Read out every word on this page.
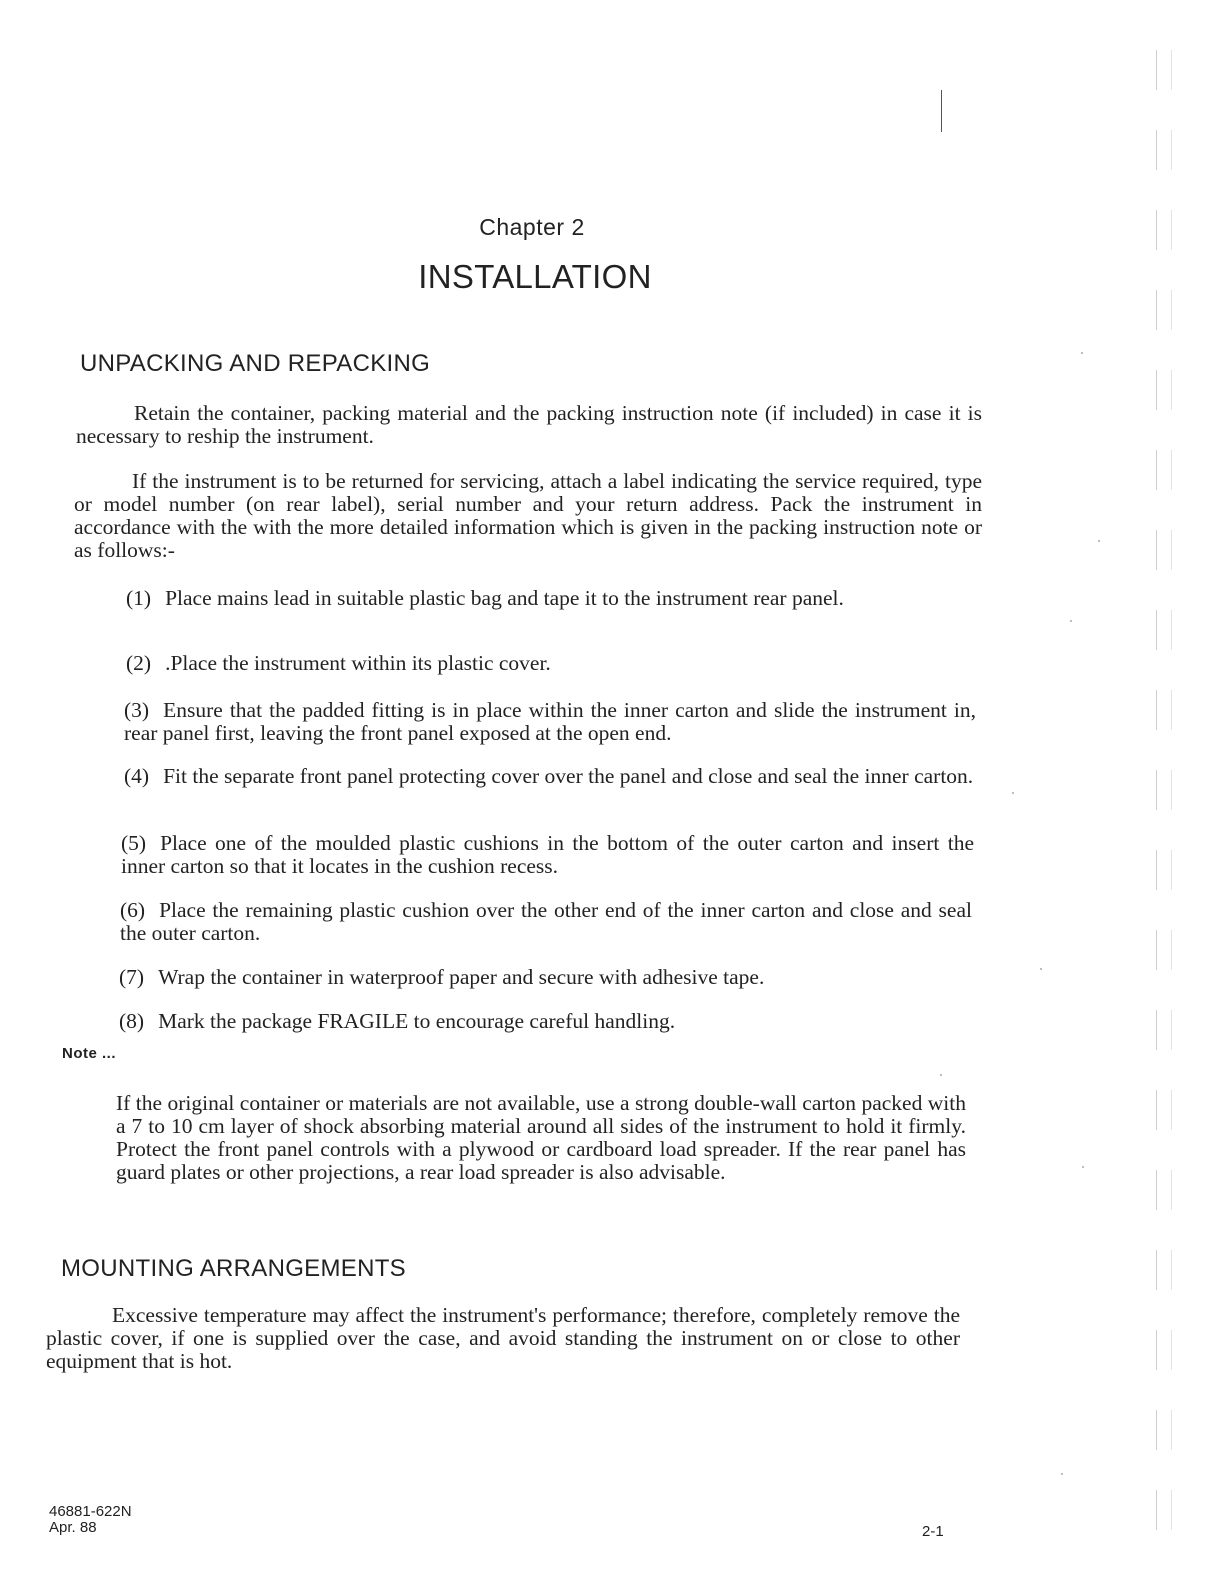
Chapter 2
INSTALLATION
UNPACKING AND REPACKING
Retain the container, packing material and the packing instruction note (if included) in case it is necessary to reship the instrument.
If the instrument is to be returned for servicing, attach a label indicating the service required, type or model number (on rear label), serial number and your return address. Pack the instrument in accordance with the with the more detailed information which is given in the packing instruction note or as follows:-
(1) Place mains lead in suitable plastic bag and tape it to the instrument rear panel.
(2) .Place the instrument within its plastic cover.
(3) Ensure that the padded fitting is in place within the inner carton and slide the instrument in, rear panel first, leaving the front panel exposed at the open end.
(4) Fit the separate front panel protecting cover over the panel and close and seal the inner carton.
(5) Place one of the moulded plastic cushions in the bottom of the outer carton and insert the inner carton so that it locates in the cushion recess.
(6) Place the remaining plastic cushion over the other end of the inner carton and close and seal the outer carton.
(7) Wrap the container in waterproof paper and secure with adhesive tape.
(8) Mark the package FRAGILE to encourage careful handling.
Note ...
If the original container or materials are not available, use a strong double-wall carton packed with a 7 to 10 cm layer of shock absorbing material around all sides of the instrument to hold it firmly. Protect the front panel controls with a plywood or cardboard load spreader. If the rear panel has guard plates or other projections, a rear load spreader is also advisable.
MOUNTING ARRANGEMENTS
Excessive temperature may affect the instrument's performance; therefore, completely remove the plastic cover, if one is supplied over the case, and avoid standing the instrument on or close to other equipment that is hot.
46881-622N
Apr. 88	2-1
